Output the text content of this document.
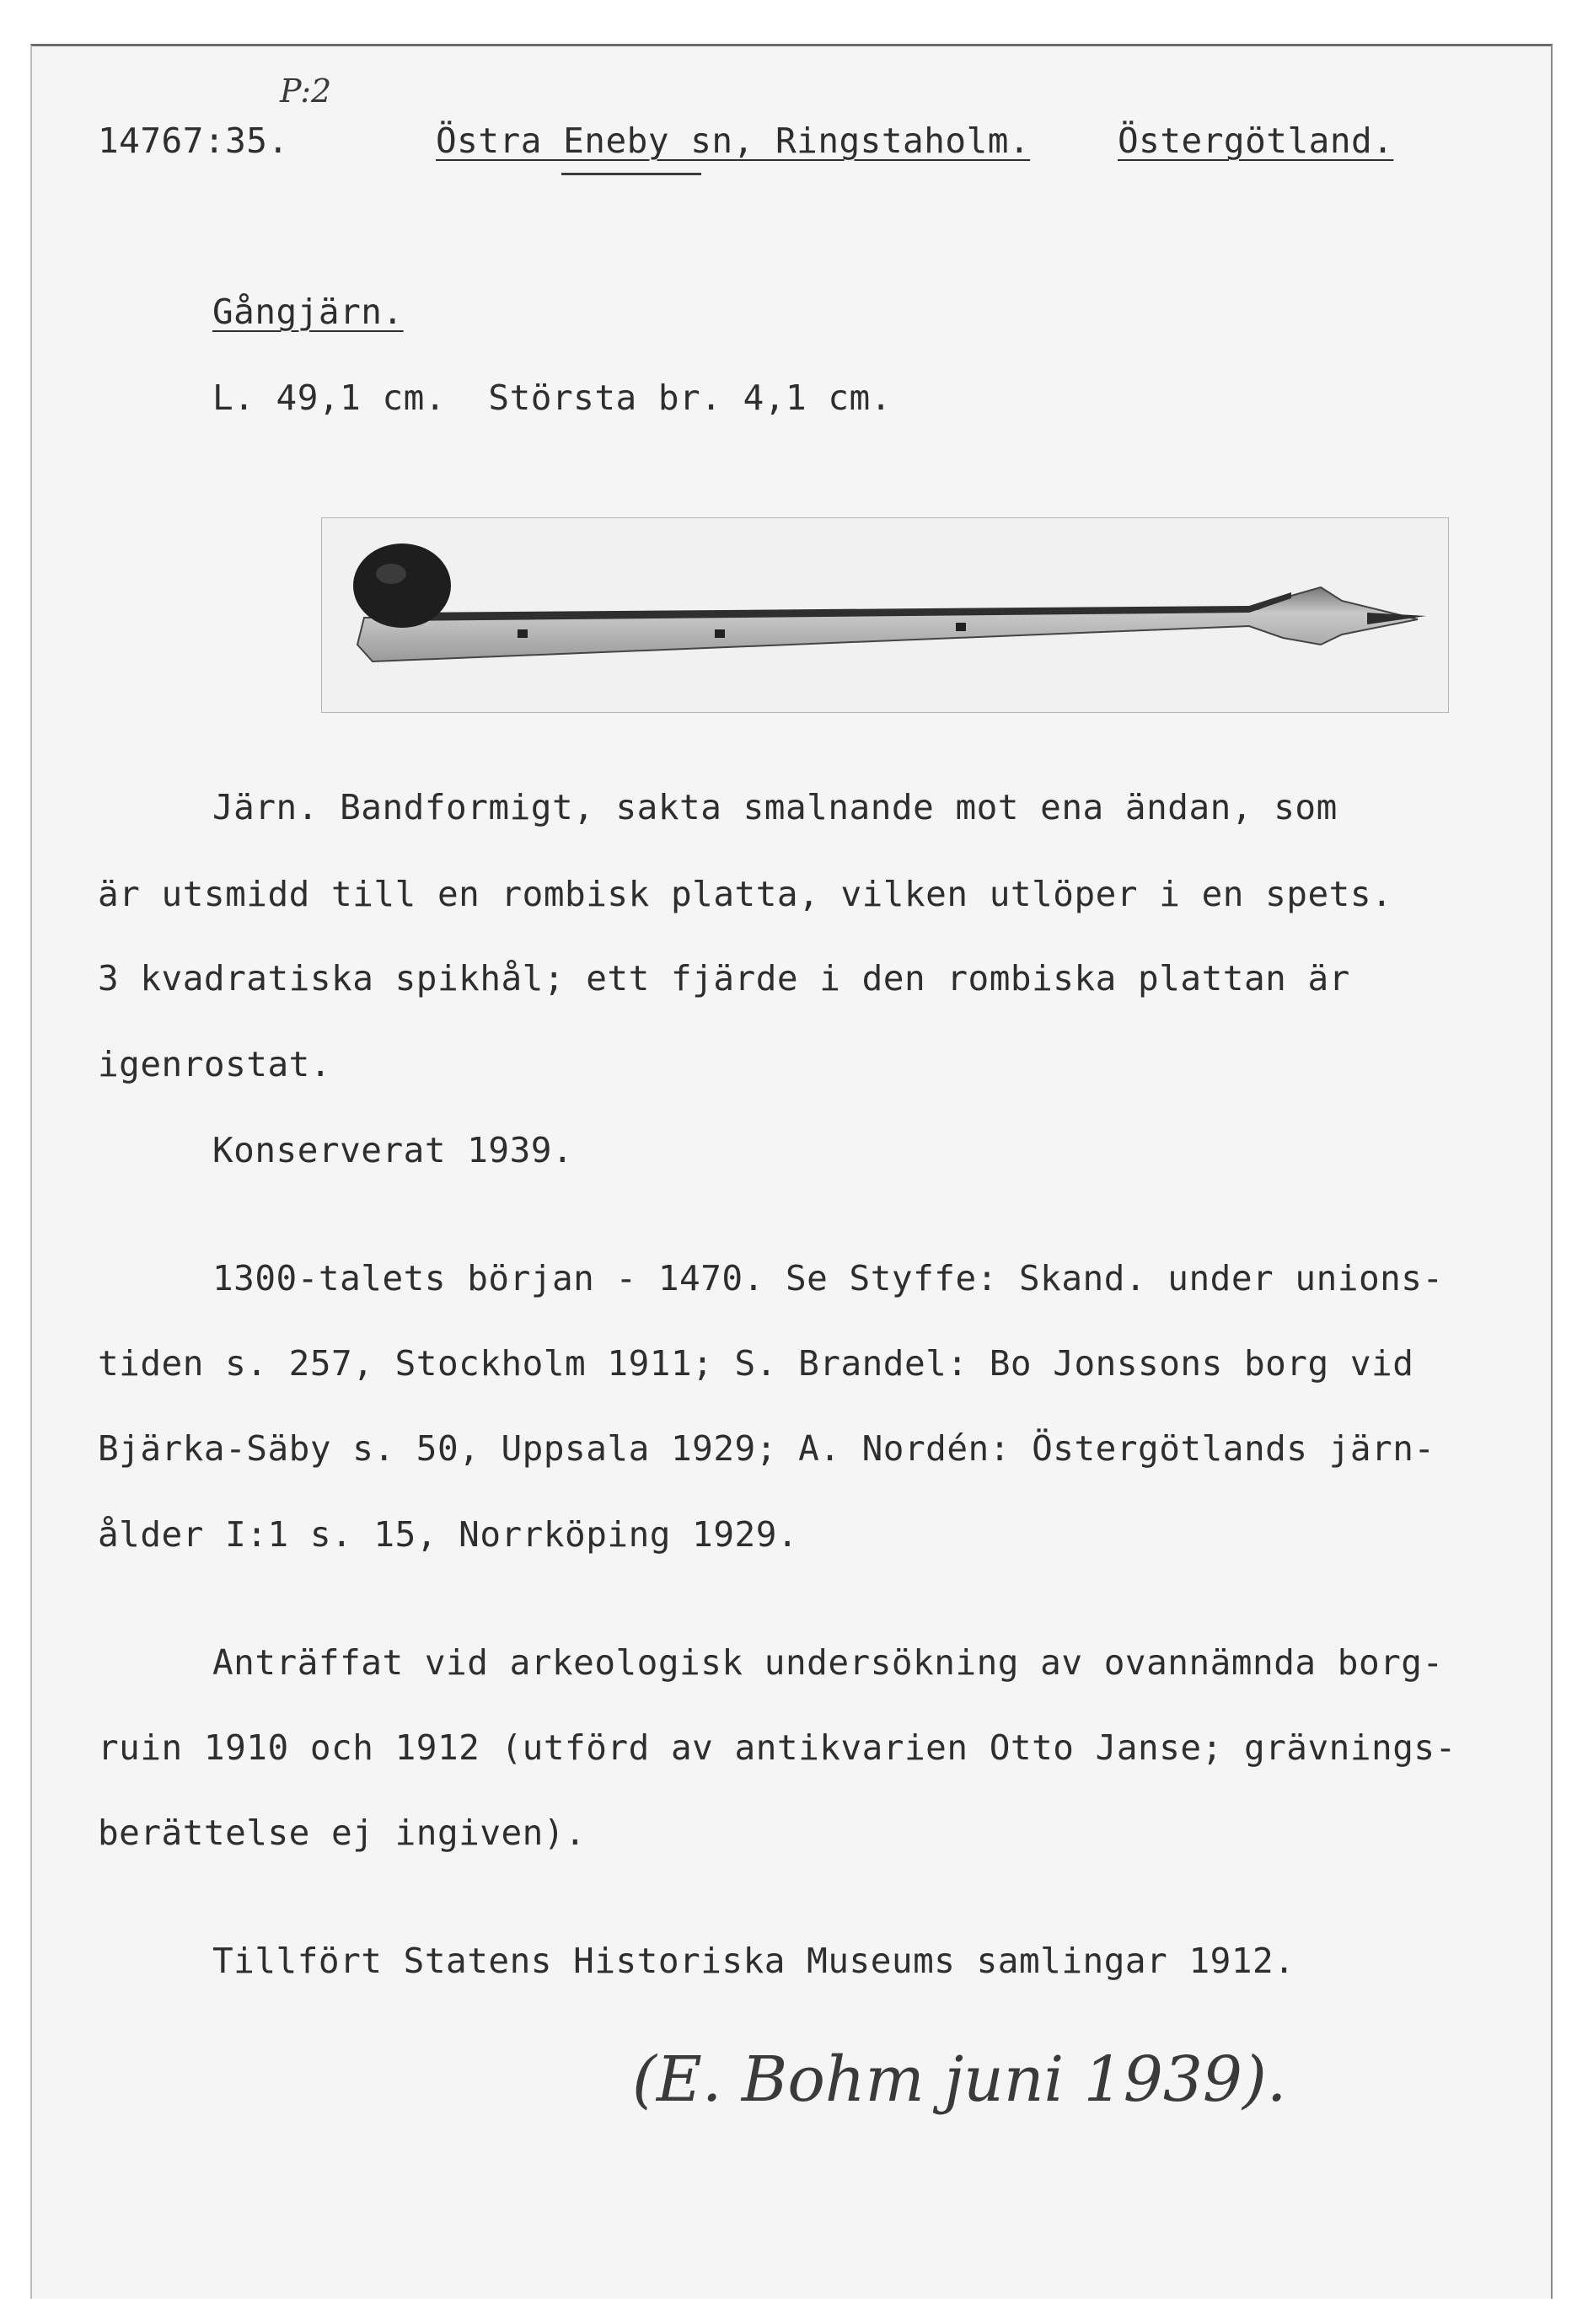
P:2
14767:35.	Östra Eneby sn, Ringstaholm.	Östergötland.
Gångjärn.
L. 49,1 cm.  Största br. 4,1 cm.
Järn. Bandformigt, sakta smalnande mot ena ändan, som
är utsmidd till en rombisk platta, vilken utlöper i en spets.
3 kvadratiska spikhål; ett fjärde i den rombiska plattan är
igenrostat.
Konserverat 1939.
1300-talets början - 1470. Se Styffe: Skand. under unions-
tiden s. 257, Stockholm 1911; S. Brandel: Bo Jonssons borg vid
Bjärka-Säby s. 50, Uppsala 1929; A. Nordén: Östergötlands järn-
ålder I:1 s. 15, Norrköping 1929.
Anträffat vid arkeologisk undersökning av ovannämnda borg-
ruin 1910 och 1912 (utförd av antikvarien Otto Janse; grävnings-
berättelse ej ingiven).
Tillfört Statens Historiska Museums samlingar 1912.
(E. Bohm juni 1939).
